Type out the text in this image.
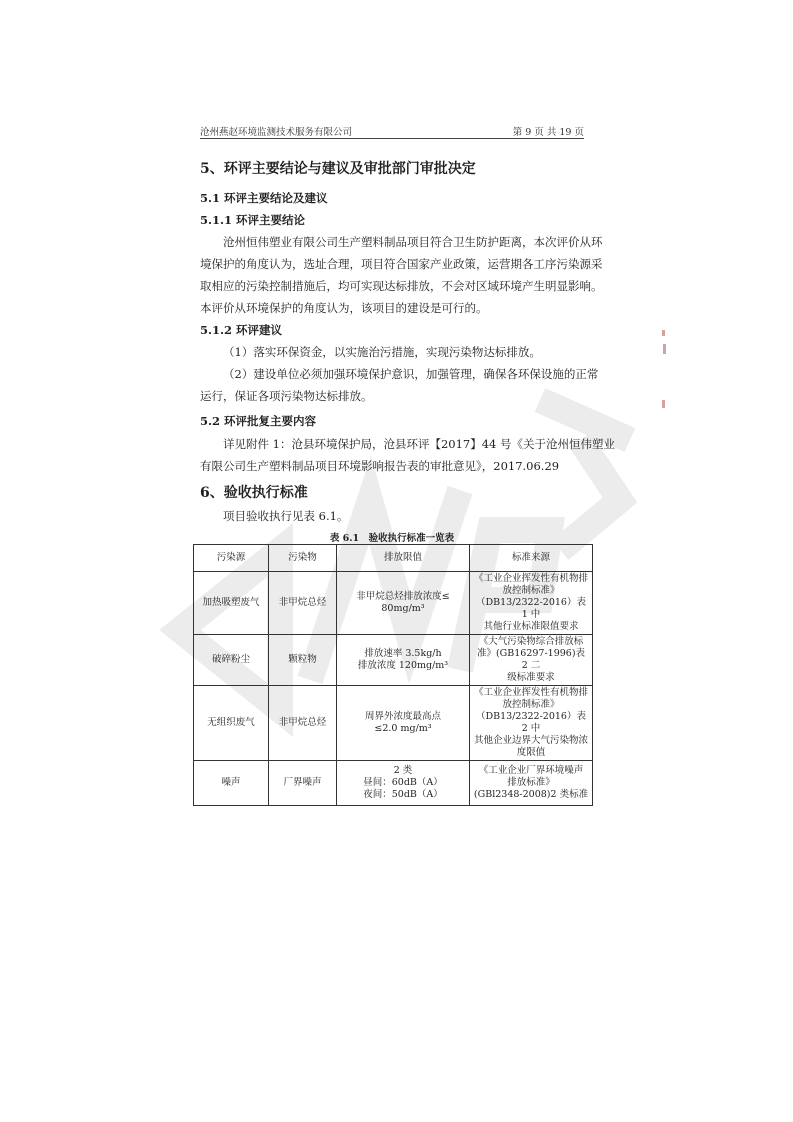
沧州燕赵环境监测技术服务有限公司	第 9 页 共 19 页
5、环评主要结论与建议及审批部门审批决定
5.1 环评主要结论及建议
5.1.1 环评主要结论
沧州恒伟塑业有限公司生产塑料制品项目符合卫生防护距离，本次评价从环
境保护的角度认为，选址合理，项目符合国家产业政策，运营期各工序污染源采
取相应的污染控制措施后，均可实现达标排放，不会对区域环境产生明显影响。
本评价从环境保护的角度认为，该项目的建设是可行的。
5.1.2 环评建议
（1）落实环保资金，以实施治污措施，实现污染物达标排放。
（2）建设单位必须加强环境保护意识，加强管理，确保各环保设施的正常
运行，保证各项污染物达标排放。
5.2 环评批复主要内容
详见附件 1：沧县环境保护局，沧县环评【2017】44 号《关于沧州恒伟塑业
有限公司生产塑料制品项目环境影响报告表的审批意见》，2017.06.29
6、验收执行标准
项目验收执行见表 6.1。
表 6.1　验收执行标准一览表
污染源	污染物	排放限值	标准来源
加热吸塑废气	非甲烷总烃	非甲烷总烃排放浓度≤
80mg/m³	《工业企业挥发性有机物排
放控制标准》
（DB13/2322-2016）表 1 中
其他行业标准限值要求

破碎粉尘	颗粒物	排放速率 3.5kg/h
排放浓度 120mg/m³	《大气污染物综合排放标
准》(GB16297-1996)表 2 二
级标准要求

无组织废气	非甲烷总烃	周界外浓度最高点
≤2.0 mg/m³	《工业企业挥发性有机物排
放控制标准》
（DB13/2322-2016）表 2 中
其他企业边界大气污染物浓
度限值

噪声	厂界噪声	2 类
昼间：60dB（A）
夜间：50dB（A）	《工业企业厂界环境噪声
排放标准》
(GBl2348-2008)2 类标准
